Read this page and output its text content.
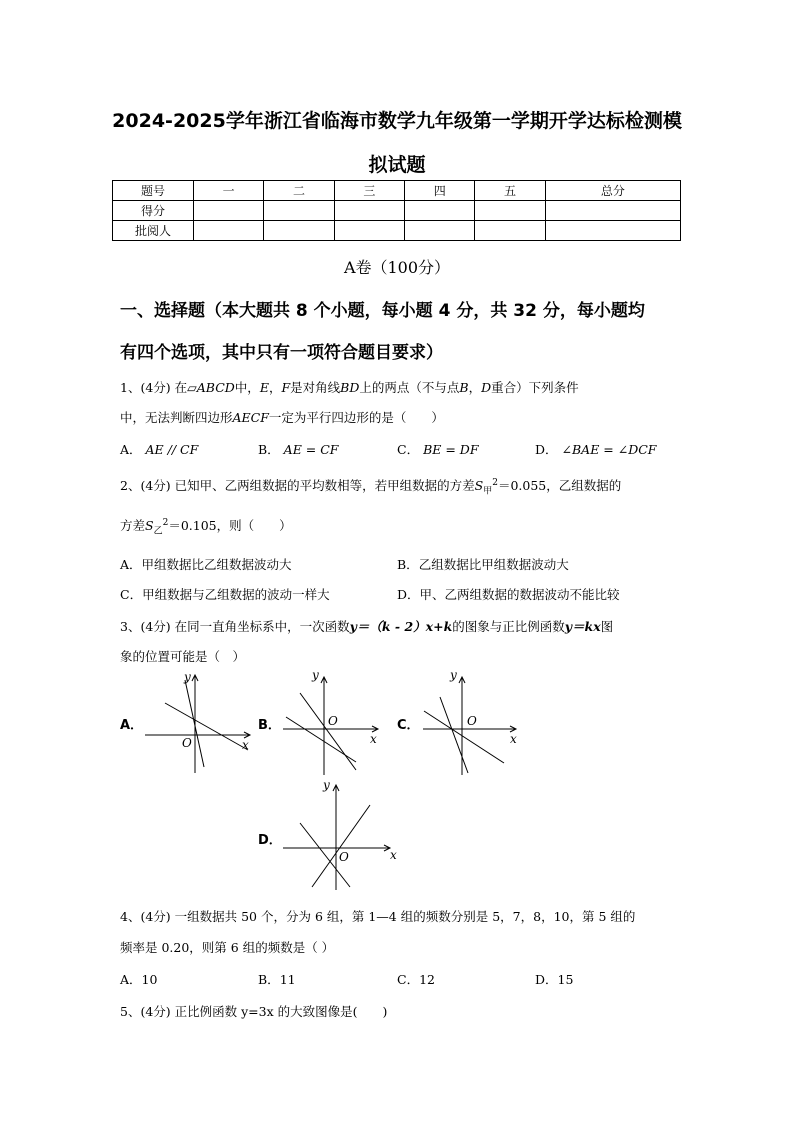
2024-2025学年浙江省临海市数学九年级第一学期开学达标检测模
拟试题
题号	一	二	三	四	五	总分
得分						
批阅人						
A卷（100分）
一、选择题（本大题共 8 个小题，每小题 4 分，共 32 分，每小题均
有四个选项，其中只有一项符合题目要求）
1、(4分) 在▱ABCD中，E，F是对角线BD上的两点（不与点B，D重合）下列条件
中，无法判断四边形AECF一定为平行四边形的是（　　）
A． AE // CF	B． AE = CF	C． BE = DF	D． ∠BAE = ∠DCF
2、(4分) 已知甲、乙两组数据的平均数相等，若甲组数据的方差$S_甲^2=0.055$，乙组数据的
方差$S_乙^2=0.105$，则（　　）
A．甲组数据比乙组数据波动大	B．乙组数据比甲组数据波动大
C．甲组数据与乙组数据的波动一样大	D．甲、乙两组数据的数据波动不能比较
3、(4分) 在同一直角坐标系中，一次函数y＝（k - 2）x+k的图象与正比例函数y＝kx图
象的位置可能是（　）
A．	B．	C．
D．
x
y
O	x
y
O
x
y
O
x
y
O
4、(4分) 一组数据共 50 个，分为 6 组，第 1—4 组的频数分别是 5，7，8，10，第 5 组的
频率是 0.20，则第 6 组的频数是（ ）
A．10	B．11	C．12	D．15
5、(4分) 正比例函数 y=3x 的大致图像是(　　)
